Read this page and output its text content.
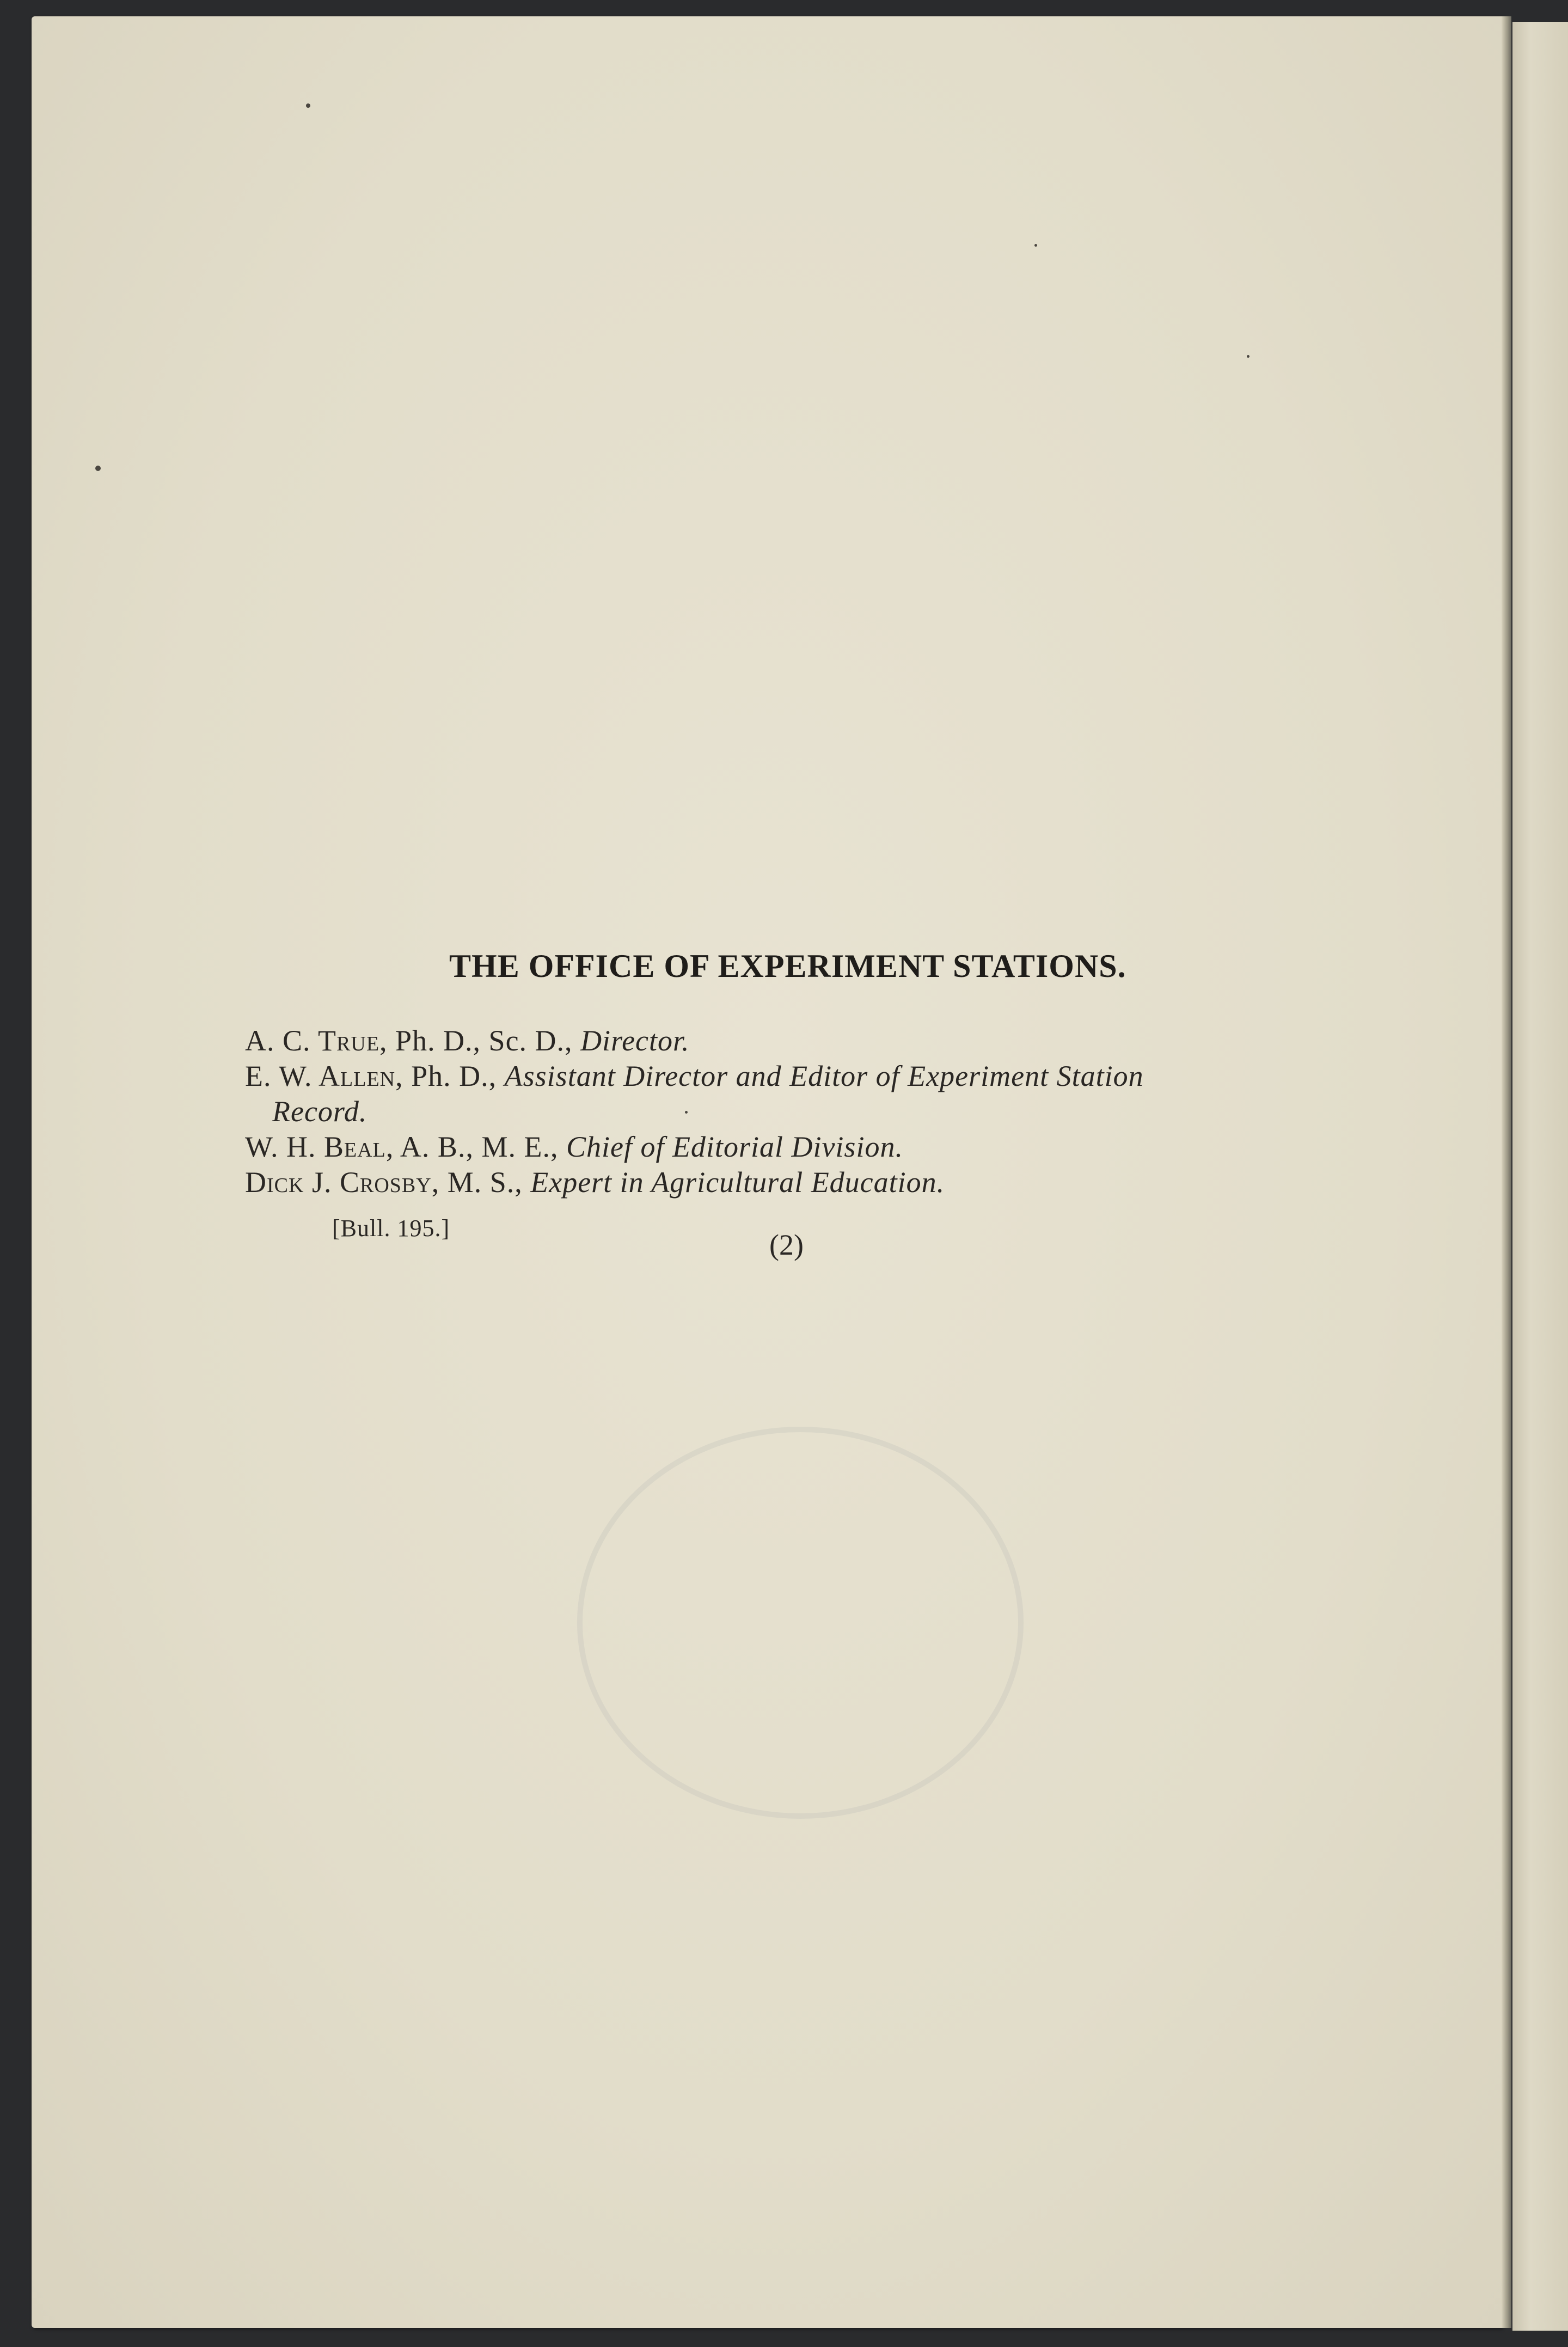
THE OFFICE OF EXPERIMENT STATIONS.
A. C. True, Ph. D., Sc. D., Director.
E. W. Allen, Ph. D., Assistant Director and Editor of Experiment Station
Record.
W. H. Beal, A. B., M. E., Chief of Editorial Division.
Dick J. Crosby, M. S., Expert in Agricultural Education.
[Bull. 195.]
(2)
